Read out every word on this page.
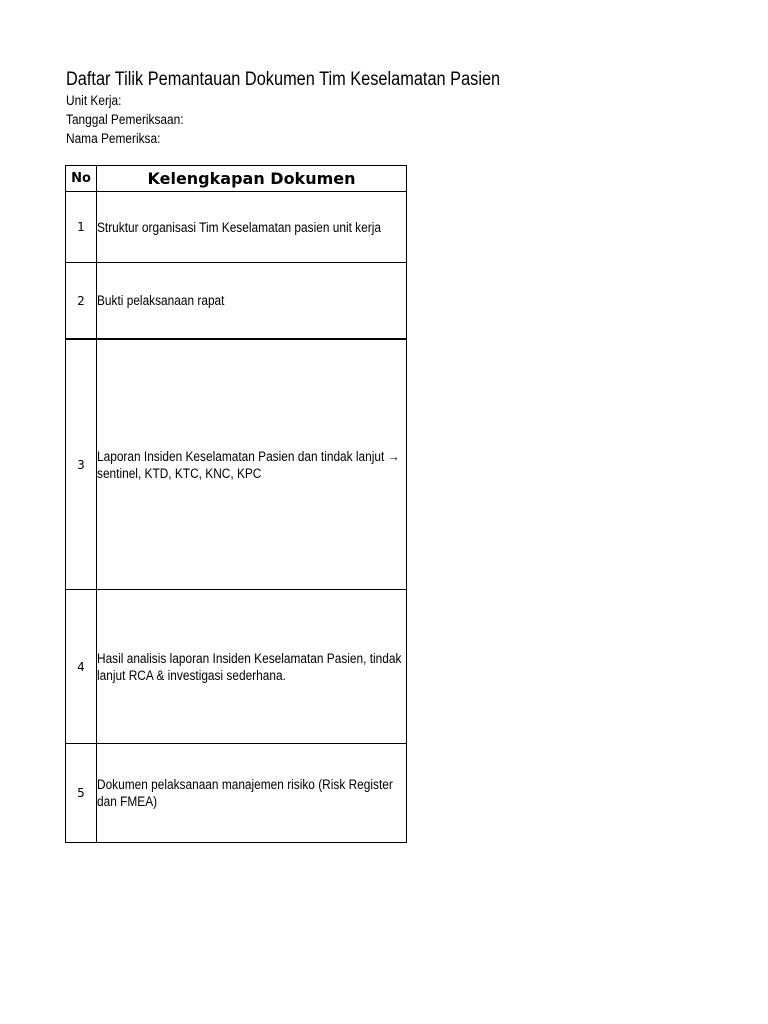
Daftar Tilik Pemantauan Dokumen Tim Keselamatan Pasien
Unit Kerja:
Tanggal Pemeriksaan:
Nama Pemeriksa:
No	Kelengkapan Dokumen
1	Struktur organisasi Tim Keselamatan pasien unit kerja

2	Bukti pelaksanaan rapat

3	Laporan Insiden Keselamatan Pasien dan tindak lanjut → sentinel, KTD, KTC, KNC, KPC

4	Hasil analisis laporan Insiden Keselamatan Pasien, tindak lanjut RCA & investigasi sederhana.

5	Dokumen pelaksanaan manajemen risiko (Risk Register dan FMEA)
